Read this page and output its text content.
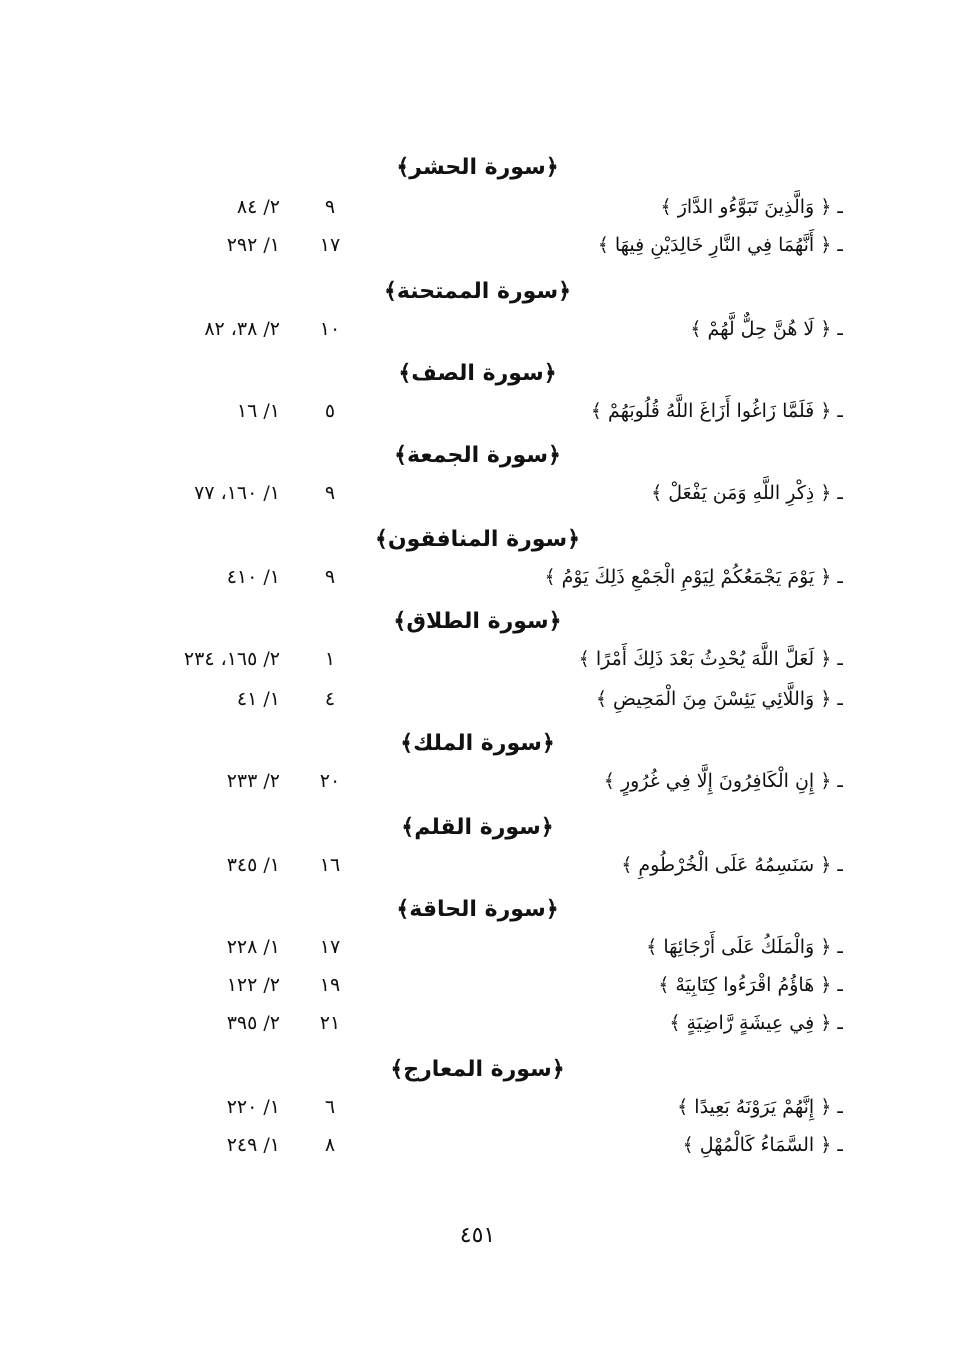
﴿سورة الحشر﴾
ـ ﴿ وَالَّذِينَ تَبَوَّءُو الدَّارَ ﴾
٩
٢/ ٨٤
ـ ﴿ أَنَّهُمَا فِي النَّارِ خَالِدَيْنِ فِيهَا ﴾
١٧
١/ ٢٩٢
﴿سورة الممتحنة﴾
ـ ﴿ لَا هُنَّ حِلٌّ لَّهُمْ ﴾
١٠
٢/ ٣٨، ٨٢
﴿سورة الصف﴾
ـ ﴿ فَلَمَّا زَاغُوا أَزَاغَ اللَّهُ قُلُوبَهُمْ ﴾
٥
١/ ١٦
﴿سورة الجمعة﴾
ـ ﴿ ذِكْرِ اللَّهِ وَمَن يَفْعَلْ ﴾
٩
١/ ١٦٠، ٧٧
﴿سورة المنافقون﴾
ـ ﴿ يَوْمَ يَجْمَعُكُمْ لِيَوْمِ الْجَمْعِ ذَلِكَ يَوْمُ ﴾
٩
١/ ٤١٠
﴿سورة الطلاق﴾
ـ ﴿ لَعَلَّ اللَّهَ يُحْدِثُ بَعْدَ ذَلِكَ أَمْرًا ﴾
١
٢/ ١٦٥، ٢٣٤
ـ ﴿ وَاللَّائِي يَئِسْنَ مِنَ الْمَحِيضِ ﴾
٤
١/ ٤١
﴿سورة الملك﴾
ـ ﴿ إِنِ الْكَافِرُونَ إِلَّا فِي غُرُورٍ ﴾
٢٠
٢/ ٢٣٣
﴿سورة القلم﴾
ـ ﴿ سَنَسِمُهُ عَلَى الْخُرْطُومِ ﴾
١٦
١/ ٣٤٥
﴿سورة الحاقة﴾
ـ ﴿ وَالْمَلَكُ عَلَى أَرْجَائِهَا ﴾
١٧
١/ ٢٢٨
ـ ﴿ هَاؤُمُ اقْرَءُوا كِتَابِيَهْ ﴾
١٩
٢/ ١٢٢
ـ ﴿ فِي عِيشَةٍ رَّاضِيَةٍ ﴾
٢١
٢/ ٣٩٥
﴿سورة المعارج﴾
ـ ﴿ إِنَّهُمْ يَرَوْنَهُ بَعِيدًا ﴾
٦
١/ ٢٢٠
ـ ﴿ السَّمَاءُ كَالْمُهْلِ ﴾
٨
١/ ٢٤٩
٤٥١
